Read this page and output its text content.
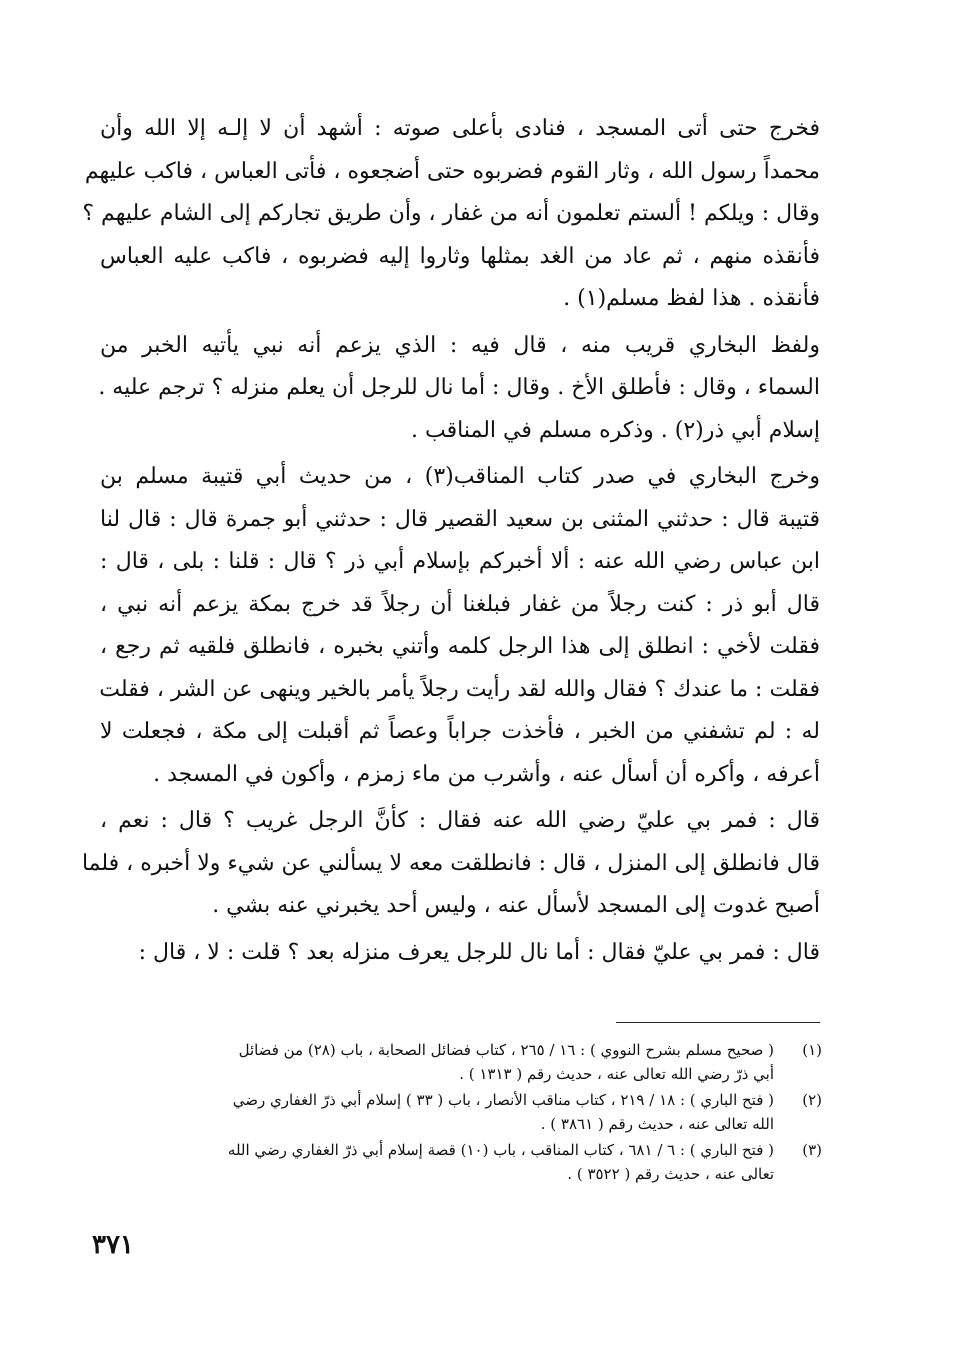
فخرج حتى أتى المسجد ، فنادى بأعلى صوته : أشهد أن لا إلـه إلا الله وأن
محمداً رسول الله ، وثار القوم فضربوه حتى أضجعوه ، فأتى العباس ، فاكب عليهم
وقال : ويلكم ! ألستم تعلمون أنه من غفار ، وأن طريق تجاركم إلى الشام عليهم ؟
فأنقذه منهم ، ثم عاد من الغد بمثلها وثاروا إليه فضربوه ، فاكب عليه العباس
فأنقذه . هذا لفظ مسلم(١) .

ولفظ البخاري قريب منه ، قال فيه : الذي يزعم أنه نبي يأتيه الخبر من
السماء ، وقال : فأطلق الأخ . وقال : أما نال للرجل أن يعلم منزله ؟ ترجم عليه .
إسلام أبي ذر(٢) . وذكره مسلم في المناقب .

وخرج البخاري في صدر كتاب المناقب(٣) ، من حديث أبي قتيبة مسلم بن
قتيبة قال : حدثني المثنى بن سعيد القصير قال : حدثني أبو جمرة قال : قال لنا
ابن عباس رضي الله عنه : ألا أخبركم بإسلام أبي ذر ؟ قال : قلنا : بلى ، قال :
قال أبو ذر : كنت رجلاً من غفار فبلغنا أن رجلاً قد خرج بمكة يزعم أنه نبي ،
فقلت لأخي : انطلق إلى هذا الرجل كلمه وأتني بخبره ، فانطلق فلقيه ثم رجع ،
فقلت : ما عندك ؟ فقال والله لقد رأيت رجلاً يأمر بالخير وينهى عن الشر ، فقلت
له : لم تشفني من الخبر ، فأخذت جراباً وعصاً ثم أقبلت إلى مكة ، فجعلت لا
أعرفه ، وأكره أن أسأل عنه ، وأشرب من ماء زمزم ، وأكون في المسجد .

قال : فمر بي عليّ رضي الله عنه فقال : كأنَّ الرجل غريب ؟ قال : نعم ،
قال فانطلق إلى المنزل ، قال : فانطلقت معه لا يسألني عن شيء ولا أخبره ، فلما
أصبح غدوت إلى المسجد لأسأل عنه ، وليس أحد يخبرني عنه بشي .

قال : فمر بي عليّ فقال : أما نال للرجل يعرف منزله بعد ؟ قلت : لا ، قال :

(١)
( صحيح مسلم بشرح النووي ) : ١٦ / ٢٦٥ ، كتاب فضائل الصحابة ، باب (٢٨) من فضائل
أبي ذرّ رضي الله تعالى عنه ، حديث رقم ( ١٣١٣ ) .
(٢)
( فتح الباري ) : ١٨ / ٢١٩ ، كتاب مناقب الأنصار ، باب ( ٣٣ ) إسلام أبي ذرّ الغفاري رضي
الله تعالى عنه ، حديث رقم ( ٣٨٦١ ) .
(٣)
( فتح الباري ) : ٦ / ٦٨١ ، كتاب المناقب ، باب (١٠) قصة إسلام أبي ذرّ الغفاري رضي الله
تعالى عنه ، حديث رقم ( ٣٥٢٢ ) .
٣٧١
